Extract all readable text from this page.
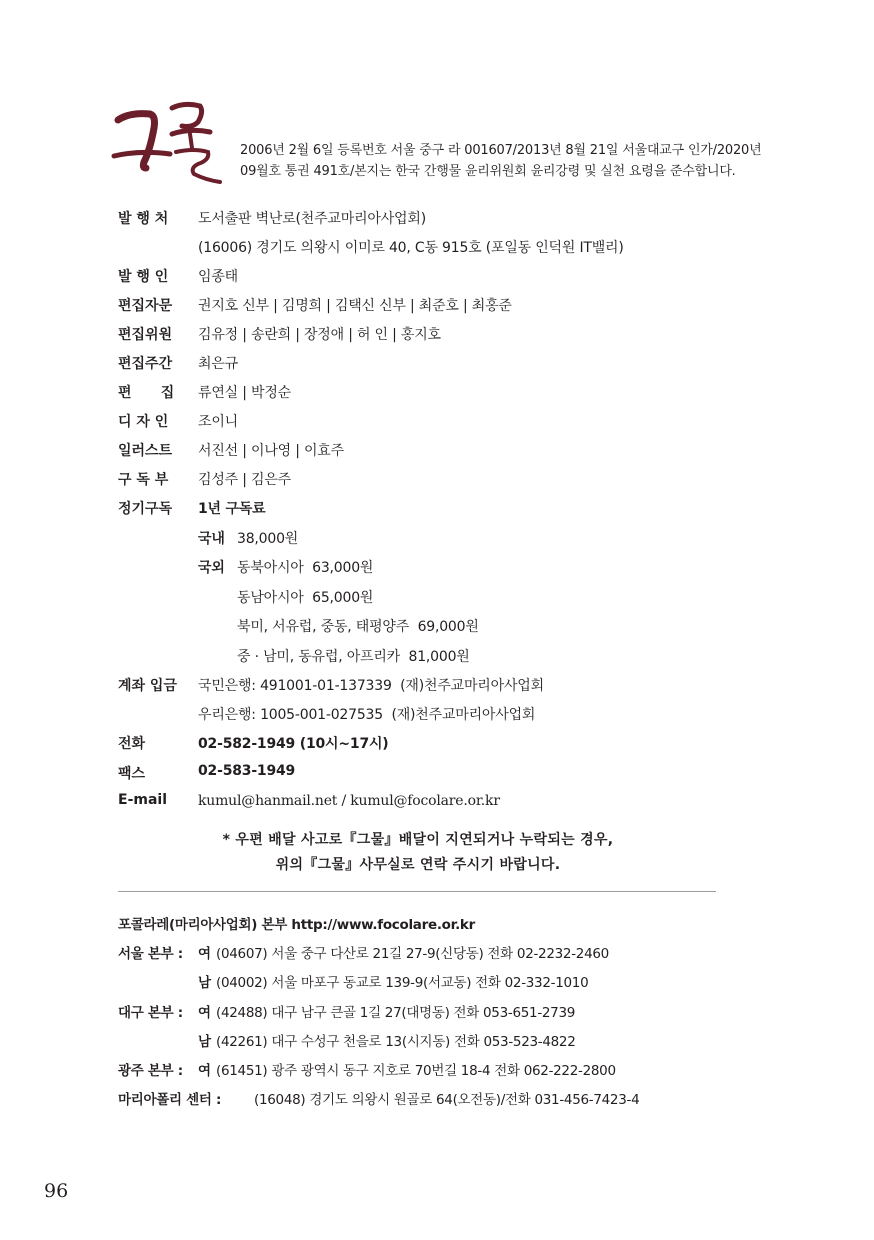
2006년 2월 6일 등록번호 서울 중구 라 001607/2013년 8월 21일 서울대교구 인가/2020년
09월호 통권 491호/본지는 한국 간행물 윤리위원회 윤리강령 및 실천 요령을 준수합니다.
발 행 처 도서출판 벽난로(천주교마리아사업회)
(16006) 경기도 의왕시 이미로 40, C동 915호 (포일동 인덕원 IT밸리)
발 행 인 임종태
편집자문 권지호 신부 | 김명희 | 김택신 신부 | 최준호 | 최홍준
편집위원 김유정 | 송란희 | 장정애 | 허 인 | 홍지호
편집주간 최은규
편      집 류연실 | 박정순
디 자 인 조이니
일러스트 서진선 | 이나영 | 이효주
구 독 부 김성주 | 김은주
정기구독 1년 구독료
국내 38,000원
국외 동북아시아  63,000원
동남아시아  65,000원
북미, 서유럽, 중동, 태평양주  69,000원
중 · 남미, 동유럽, 아프리카  81,000원
계좌 입금 국민은행: 491001-01-137339  (재)천주교마리아사업회
우리은행: 1005-001-027535  (재)천주교마리아사업회
전화	02-582-1949 (10시~17시)
팩스	02-583-1949
E-mail kumul@hanmail.net / kumul@focolare.or.kr
* 우편 배달 사고로『그물』배달이 지연되거나 누락되는 경우,
위의『그물』사무실로 연락 주시기 바랍니다.
포콜라레(마리아사업회) 본부 http://www.focolare.or.kr
서울 본부 : 여 (04607) 서울 중구 다산로 21길 27-9(신당동) 전화 02-2232-2460
남 (04002) 서울 마포구 동교로 139-9(서교동) 전화 02-332-1010
대구 본부 : 여 (42488) 대구 남구 큰골 1길 27(대명동) 전화 053-651-2739
남 (42261) 대구 수성구 천을로 13(시지동) 전화 053-523-4822
광주 본부 : 여 (61451) 광주 광역시 동구 지호로 70번길 18-4 전화 062-222-2800
마리아폴리 센터 : (16048) 경기도 의왕시 원골로 64(오전동)/전화 031-456-7423-4
96
